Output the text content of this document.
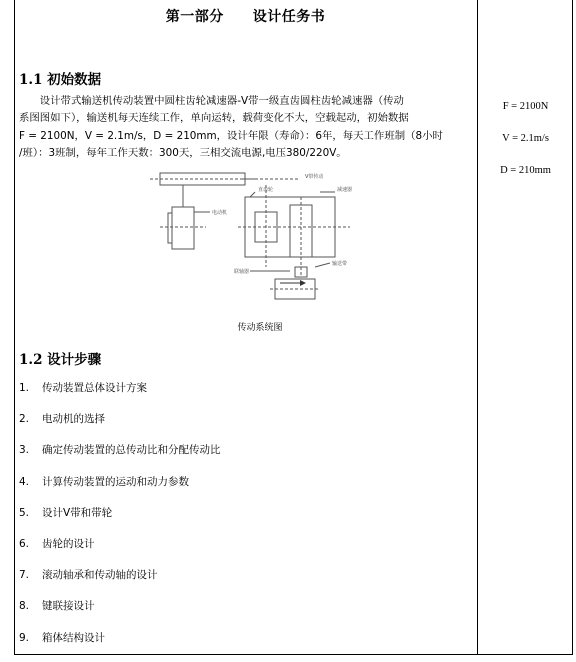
第一部分　　设计任务书
1.1 初始数据
　　设计带式输送机传动装置中圆柱齿轮减速器-V带一级直齿圆柱齿轮减速器（传动
系图图如下），输送机每天连续工作，单向运转，载荷变化不大，空载起动，初始数据
F = 2100N，V = 2.1m/s，D = 210mm，设计年限（寿命）：6年，每天工作班制（8小时
/班）：3班制，每年工作天数：300天，三相交流电源,电压380/220V。
F = 2100N
V = 2.1m/s
D = 210mm
V带传动
减速器
直齿轮
电动机
输送带
联轴器
传动系统图
1.2 设计步骤
1.	传动装置总体设计方案
2.	电动机的选择
3.	确定传动装置的总传动比和分配传动比
4.	计算传动装置的运动和动力参数
5.	设计V带和带轮
6.	齿轮的设计
7.	滚动轴承和传动轴的设计
8.	键联接设计
9.	箱体结构设计
